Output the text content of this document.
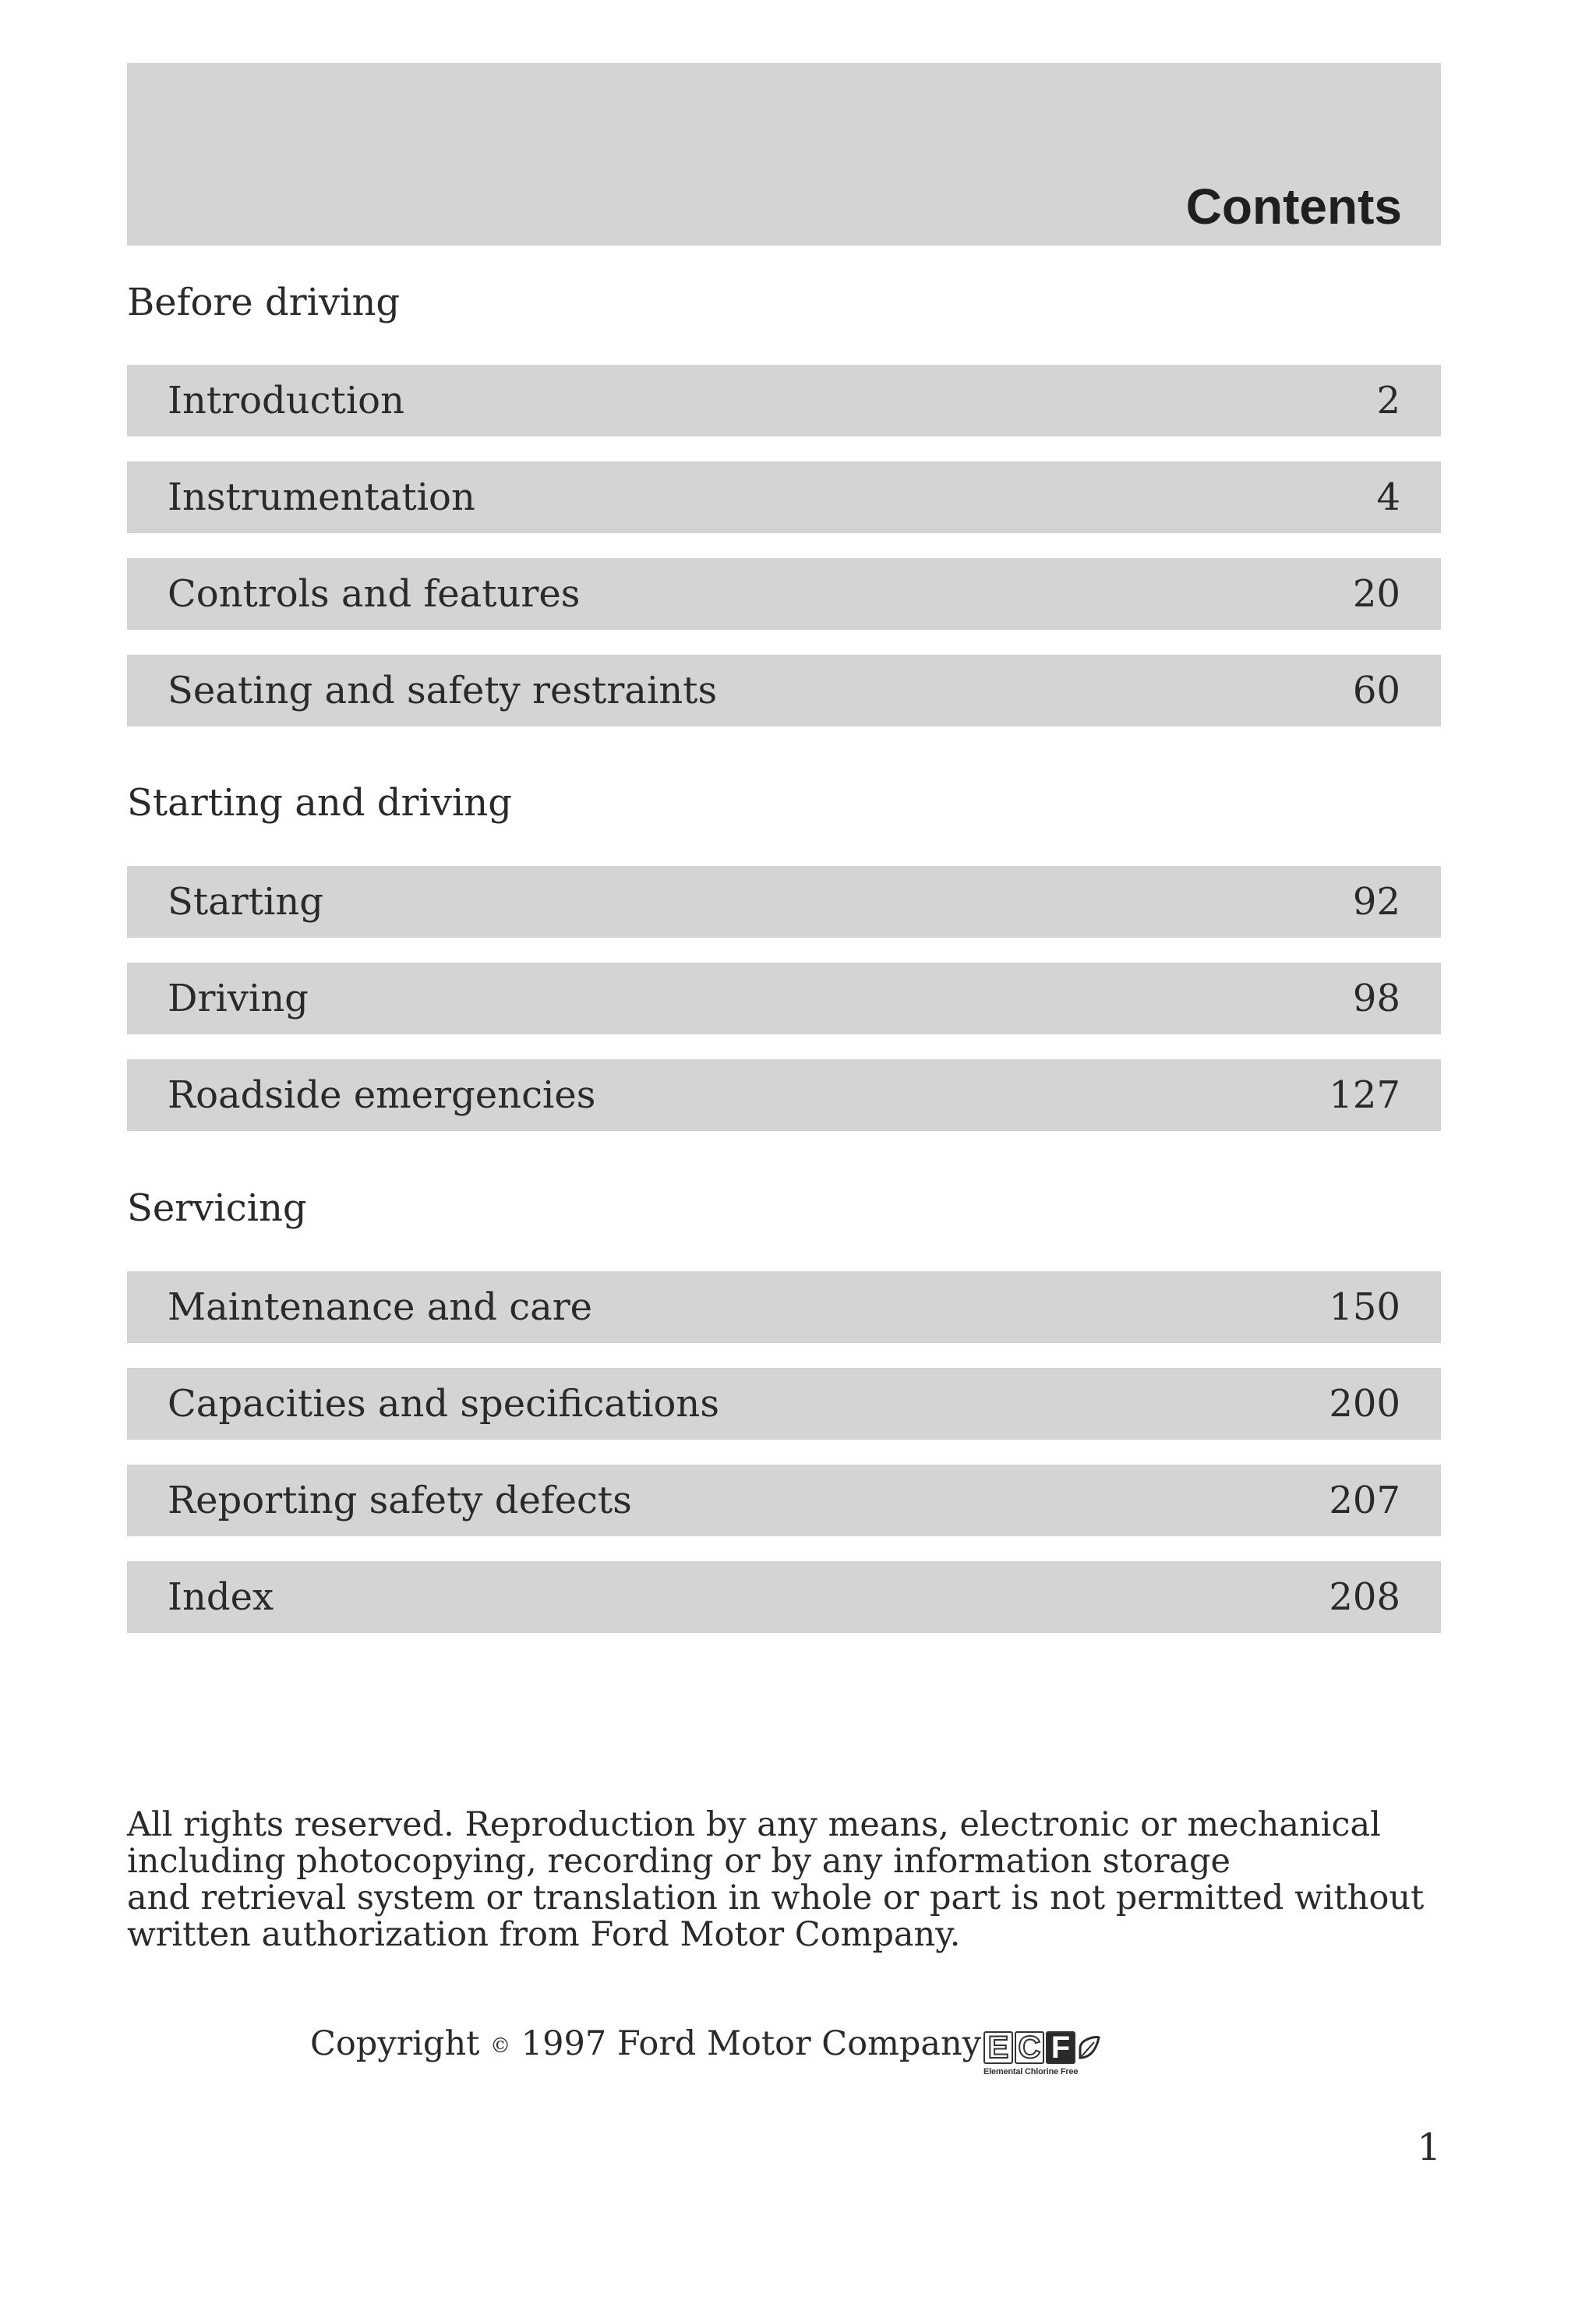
Contents
Before driving
Introduction	2
Instrumentation	4
Controls and features	20
Seating and safety restraints	60
Starting and driving
Starting	92
Driving	98
Roadside emergencies	127
Servicing
Maintenance and care	150
Capacities and specifications	200
Reporting safety defects	207
Index	208

All rights reserved. Reproduction by any means, electronic or mechanical

including photocopying, recording or by any information storage

and retrieval system or translation in whole or part is not permitted without

written authorization from Ford Motor Company.

Copyright © 1997 Ford Motor Company E C F
Elemental Chlorine Free
1
